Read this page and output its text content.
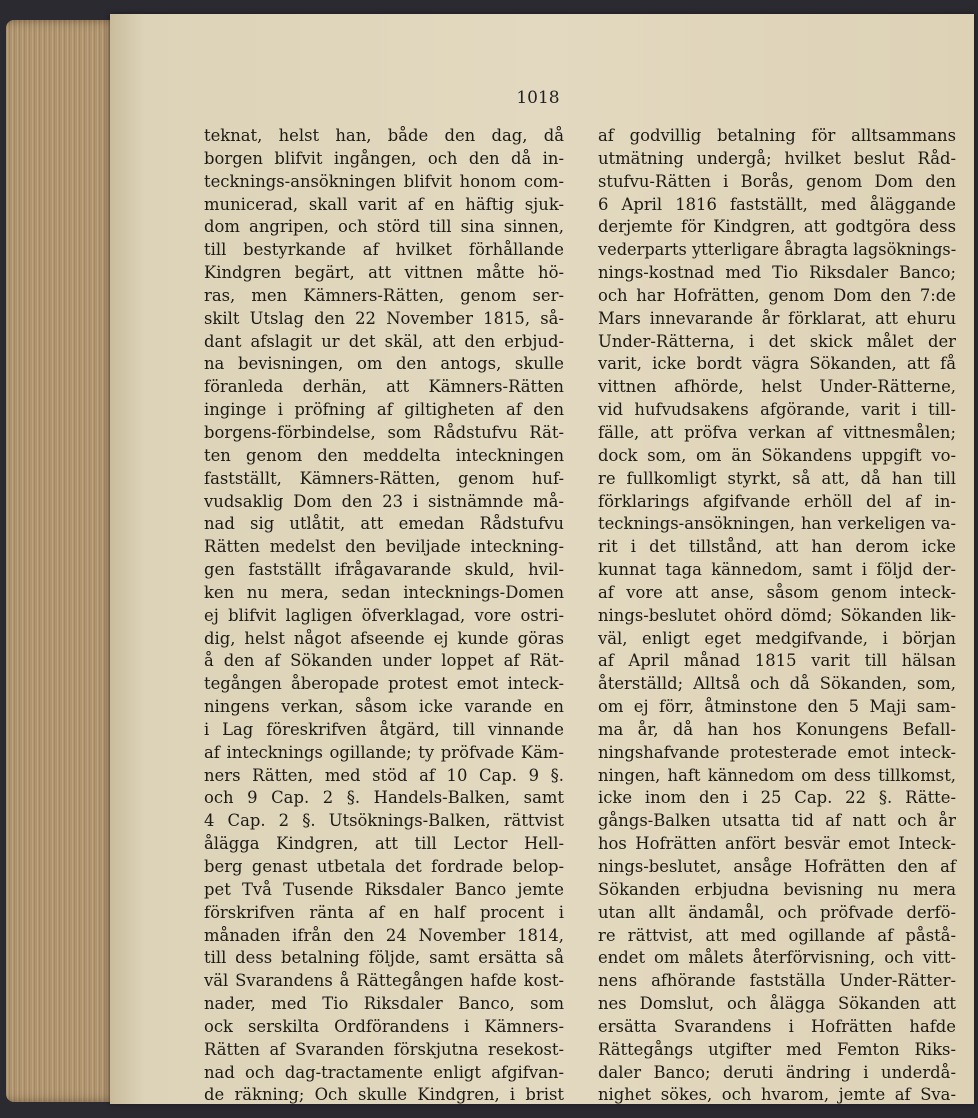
1018
teknat, helst han, både den dag, då
borgen blifvit ingången, och den då in-
tecknings-ansökningen blifvit honom com-
municerad, skall varit af en häftig sjuk-
dom angripen, och störd till sina sinnen,
till bestyrkande af hvilket förhållande
Kindgren begärt, att vittnen måtte hö-
ras, men Kämners-Rätten, genom ser-
skilt Utslag den 22 November 1815, så-
dant afslagit ur det skäl, att den erbjud-
na bevisningen, om den antogs, skulle
föranleda derhän, att Kämners-Rätten
inginge i pröfning af giltigheten af den
borgens-förbindelse, som Rådstufvu Rät-
ten genom den meddelta inteckningen
fastställt, Kämners-Rätten, genom huf-
vudsaklig Dom den 23 i sistnämnde må-
nad sig utlåtit, att emedan Rådstufvu
Rätten medelst den beviljade inteckning-
gen fastställt ifrågavarande skuld, hvil-
ken nu mera, sedan intecknings-Domen
ej blifvit lagligen öfverklagad, vore ostri-
dig, helst något afseende ej kunde göras
å den af Sökanden under loppet af Rät-
tegången åberopade protest emot inteck-
ningens verkan, såsom icke varande en
i Lag föreskrifven åtgärd, till vinnande
af intecknings ogillande; ty pröfvade Käm-
ners Rätten, med stöd af 10 Cap. 9 §.
och 9 Cap. 2 §. Handels-Balken, samt
4 Cap. 2 §. Utsöknings-Balken, rättvist
ålägga Kindgren, att till Lector Hell-
berg genast utbetala det fordrade belop-
pet Två Tusende Riksdaler Banco jemte
förskrifven ränta af en half procent i
månaden ifrån den 24 November 1814,
till dess betalning följde, samt ersätta så
väl Svarandens å Rättegången hafde kost-
nader, med Tio Riksdaler Banco, som
ock serskilta Ordförandens i Kämners-
Rätten af Svaranden förskjutna resekost-
nad och dag-tractamente enligt afgifvan-
de räkning; Och skulle Kindgren, i brist
af godvillig betalning för alltsammans
utmätning undergå; hvilket beslut Råd-
stufvu-Rätten i Borås, genom Dom den
6 April 1816 fastställt, med åläggande
derjemte för Kindgren, att godtgöra dess
vederparts ytterligare åbragta lagsöknings-
nings-kostnad med Tio Riksdaler Banco;
och har Hofrätten, genom Dom den 7:de
Mars innevarande år förklarat, att ehuru
Under-Rätterna, i det skick målet der
varit, icke bordt vägra Sökanden, att få
vittnen afhörde, helst Under-Rätterne,
vid hufvudsakens afgörande, varit i till-
fälle, att pröfva verkan af vittnesmålen;
dock som, om än Sökandens uppgift vo-
re fullkomligt styrkt, så att, då han till
förklarings afgifvande erhöll del af in-
tecknings-ansökningen, han verkeligen va-
rit i det tillstånd, att han derom icke
kunnat taga kännedom, samt i följd der-
af vore att anse, såsom genom inteck-
nings-beslutet ohörd dömd; Sökanden lik-
väl, enligt eget medgifvande, i början
af April månad 1815 varit till hälsan
återställd; Alltså och då Sökanden, som,
om ej förr, åtminstone den 5 Maji sam-
ma år, då han hos Konungens Befall-
ningshafvande protesterade emot inteck-
ningen, haft kännedom om dess tillkomst,
icke inom den i 25 Cap. 22 §. Rätte-
gångs-Balken utsatta tid af natt och år
hos Hofrätten anfört besvär emot Inteck-
nings-beslutet, ansåge Hofrätten den af
Sökanden erbjudna bevisning nu mera
utan allt ändamål, och pröfvade derfö-
re rättvist, att med ogillande af påstå-
endet om målets återförvisning, och vitt-
nens afhörande fastställa Under-Rätter-
nes Domslut, och ålägga Sökanden att
ersätta Svarandens i Hofrätten hafde
Rättegångs utgifter med Femton Riks-
daler Banco; deruti ändring i underdå-
nighet sökes, och hvarom, jemte af Sva-
